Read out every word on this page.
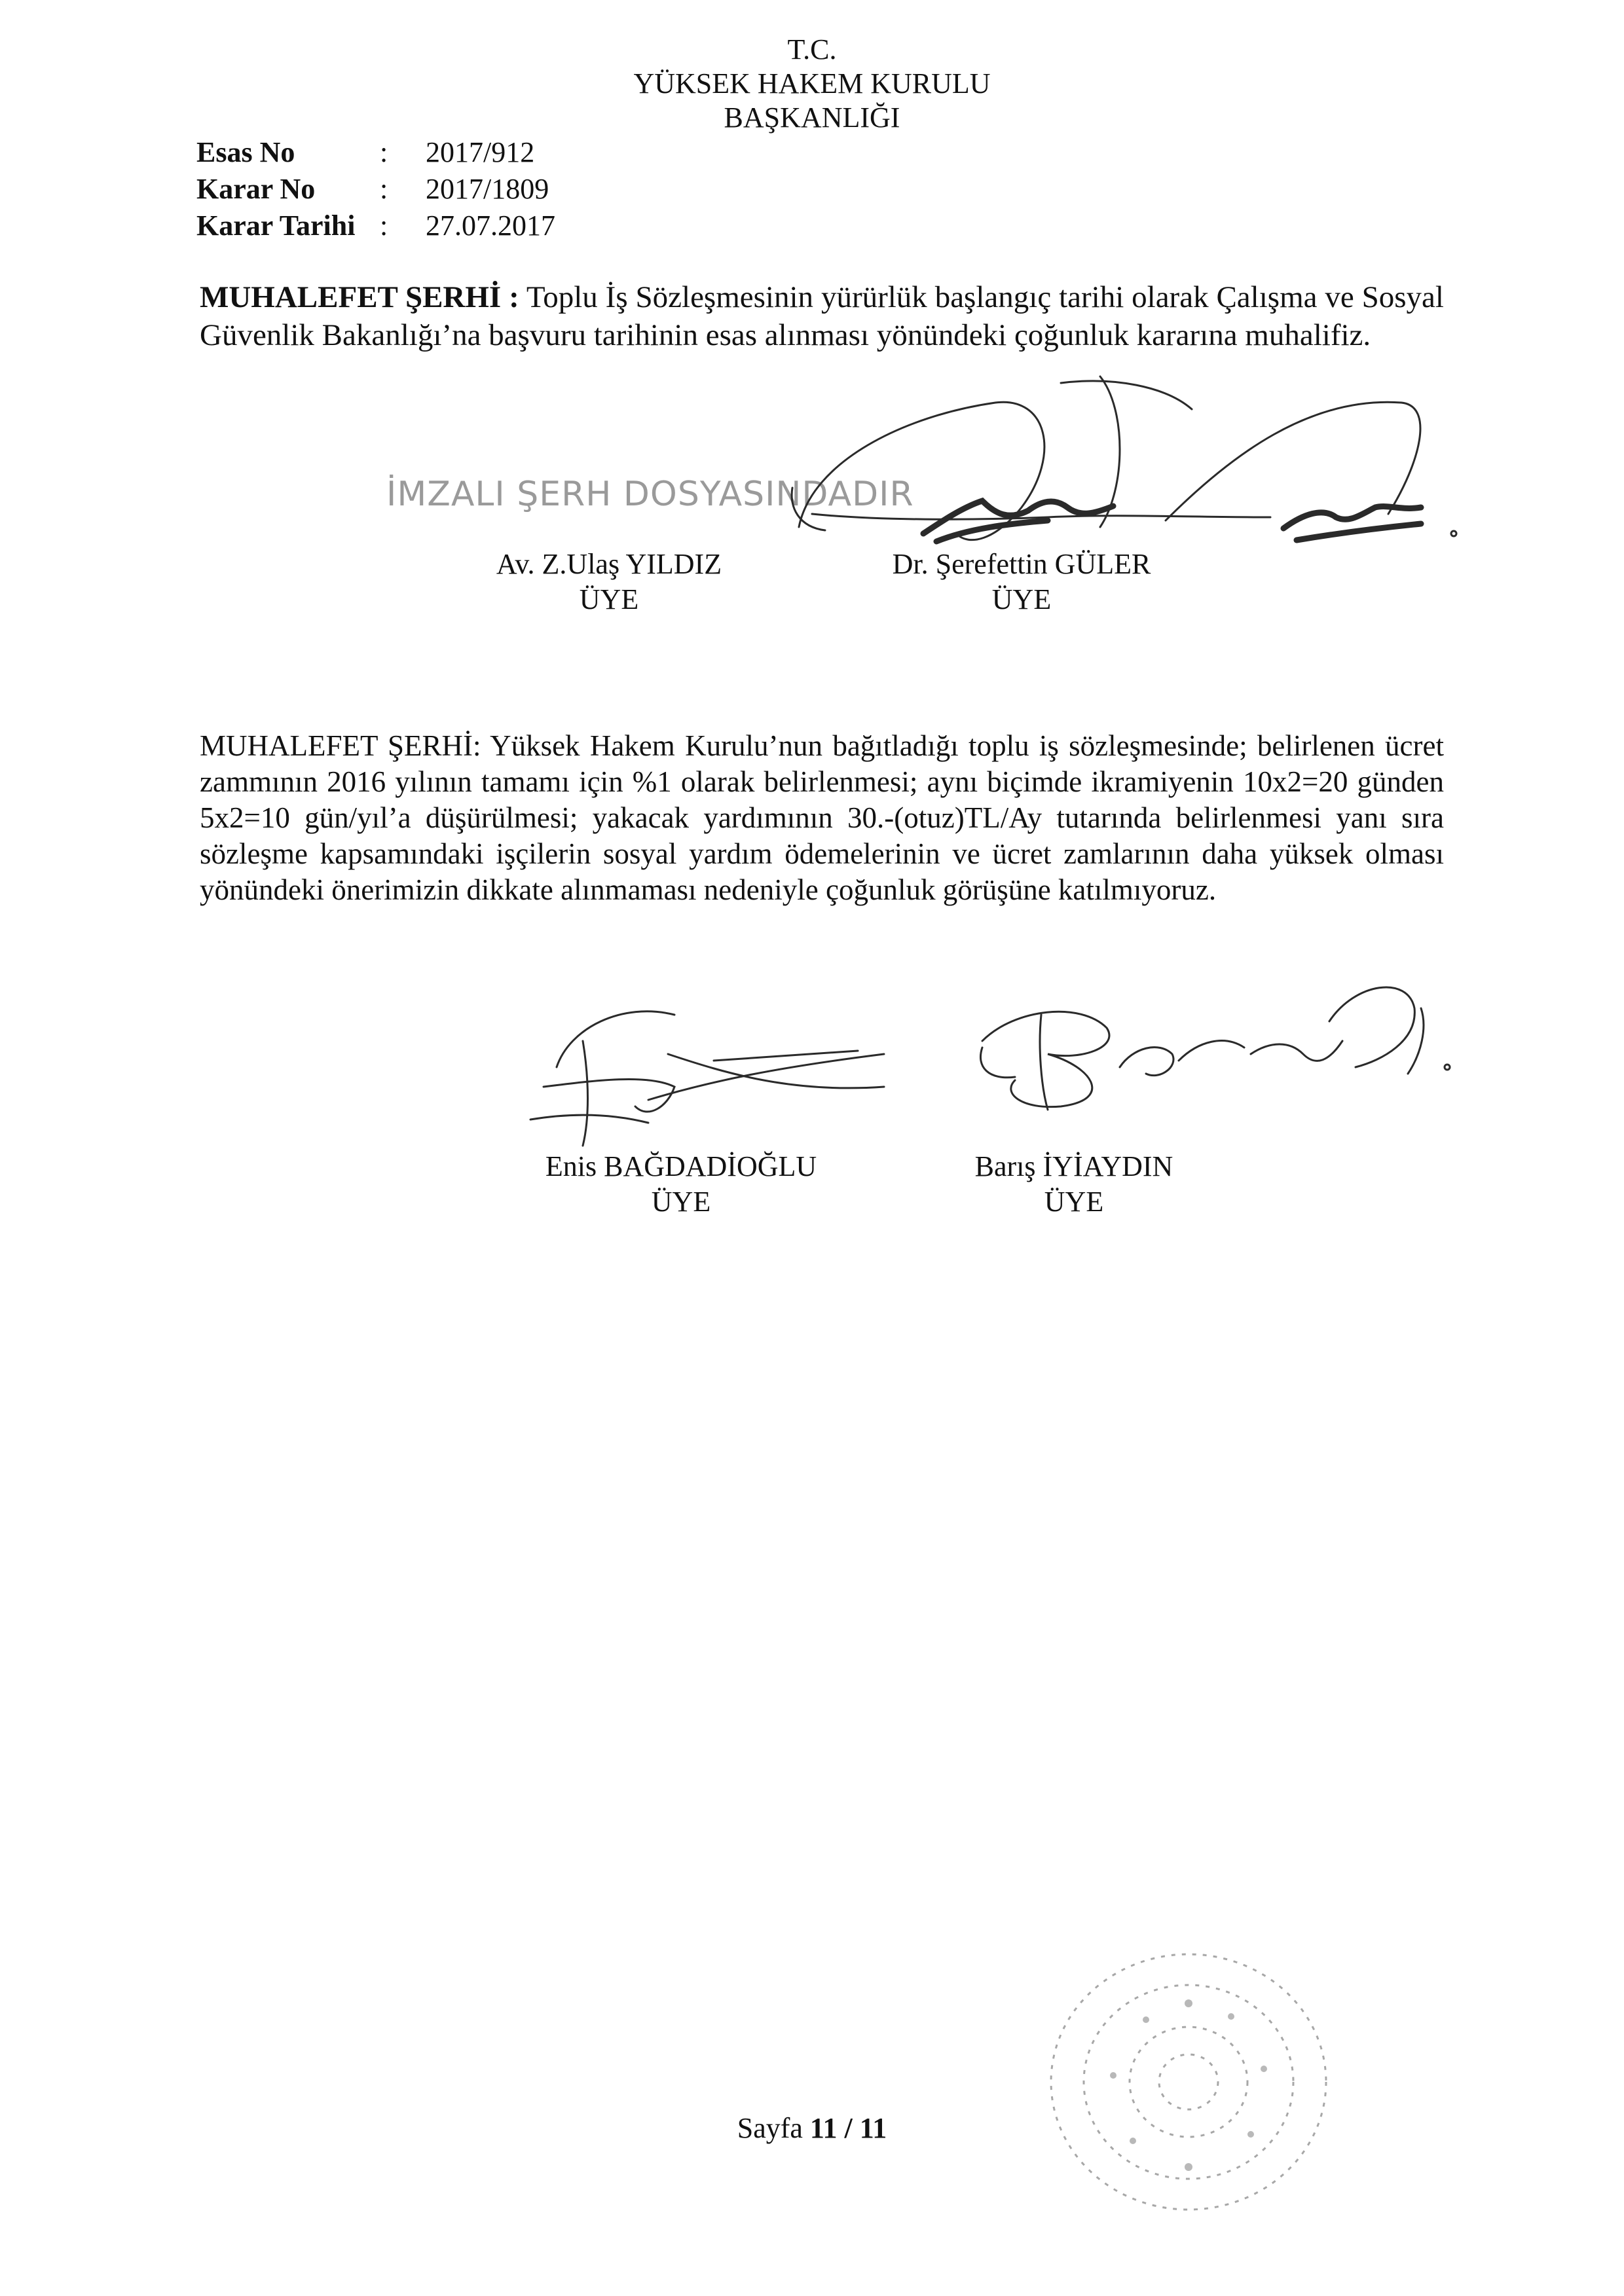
T.C.
YÜKSEK HAKEM KURULU
BAŞKANLIĞI
Esas No	:	2017/912
Karar No	:	2017/1809
Karar Tarihi :	27.07.2017
MUHALEFET ŞERHİ : Toplu İş Sözleşmesinin yürürlük başlangıç tarihi olarak Çalışma ve Sosyal Güvenlik Bakanlığı’na başvuru tarihinin esas alınması yönündeki çoğunluk kararına muhalifiz.
İMZALI ŞERH DOSYASINDADIR
Av. Z.Ulaş YILDIZ
ÜYE
Dr. Şerefettin GÜLER
ÜYE
MUHALEFET ŞERHİ: Yüksek Hakem Kurulu’nun bağıtladığı toplu iş sözleşmesinde; belirlenen ücret zammının 2016 yılının tamamı için %1 olarak belirlenmesi; aynı biçimde ikramiyenin 10x2=20 günden 5x2=10 gün/yıl’a düşürülmesi; yakacak yardımının 30.-(otuz)TL/Ay tutarında belirlenmesi yanı sıra sözleşme kapsamındaki işçilerin sosyal yardım ödemelerinin ve ücret zamlarının daha yüksek olması yönündeki önerimizin dikkate alınmaması nedeniyle çoğunluk görüşüne katılmıyoruz.
Enis BAĞDADİOĞLU
ÜYE
Barış İYİAYDIN
ÜYE
Sayfa 11 / 11
